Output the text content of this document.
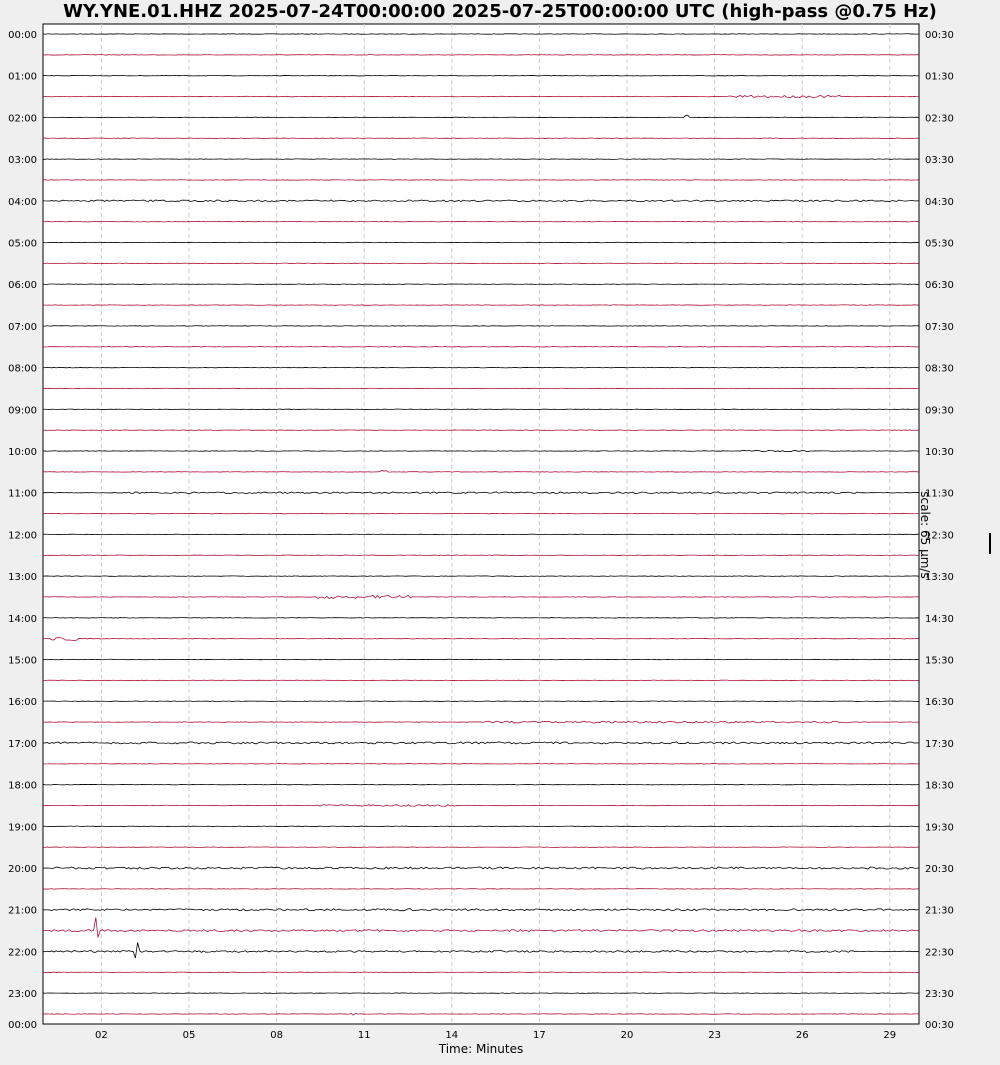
WY.YNE.01.HHZ 2025-07-24T00:00:00 2025-07-25T00:00:00 UTC (high-pass @0.75 Hz)
02	05	08	11	14	17	20	23	26	29
00:00	00:30
01:00	01:30
02:00	02:30
03:00	03:30
04:00	04:30
05:00	05:30
06:00	06:30
07:00	07:30
08:00	08:30
09:00	09:30
10:00	10:30
11:00	11:30
12:00	12:30
13:00	13:30
14:00	14:30
15:00	15:30
16:00	16:30
17:00	17:30
18:00	18:30
19:00	19:30
20:00	20:30
21:00	21:30
22:00	22:30
23:00	23:30
00:00	00:30
Time: Minutes
scale: 65 µm/s
